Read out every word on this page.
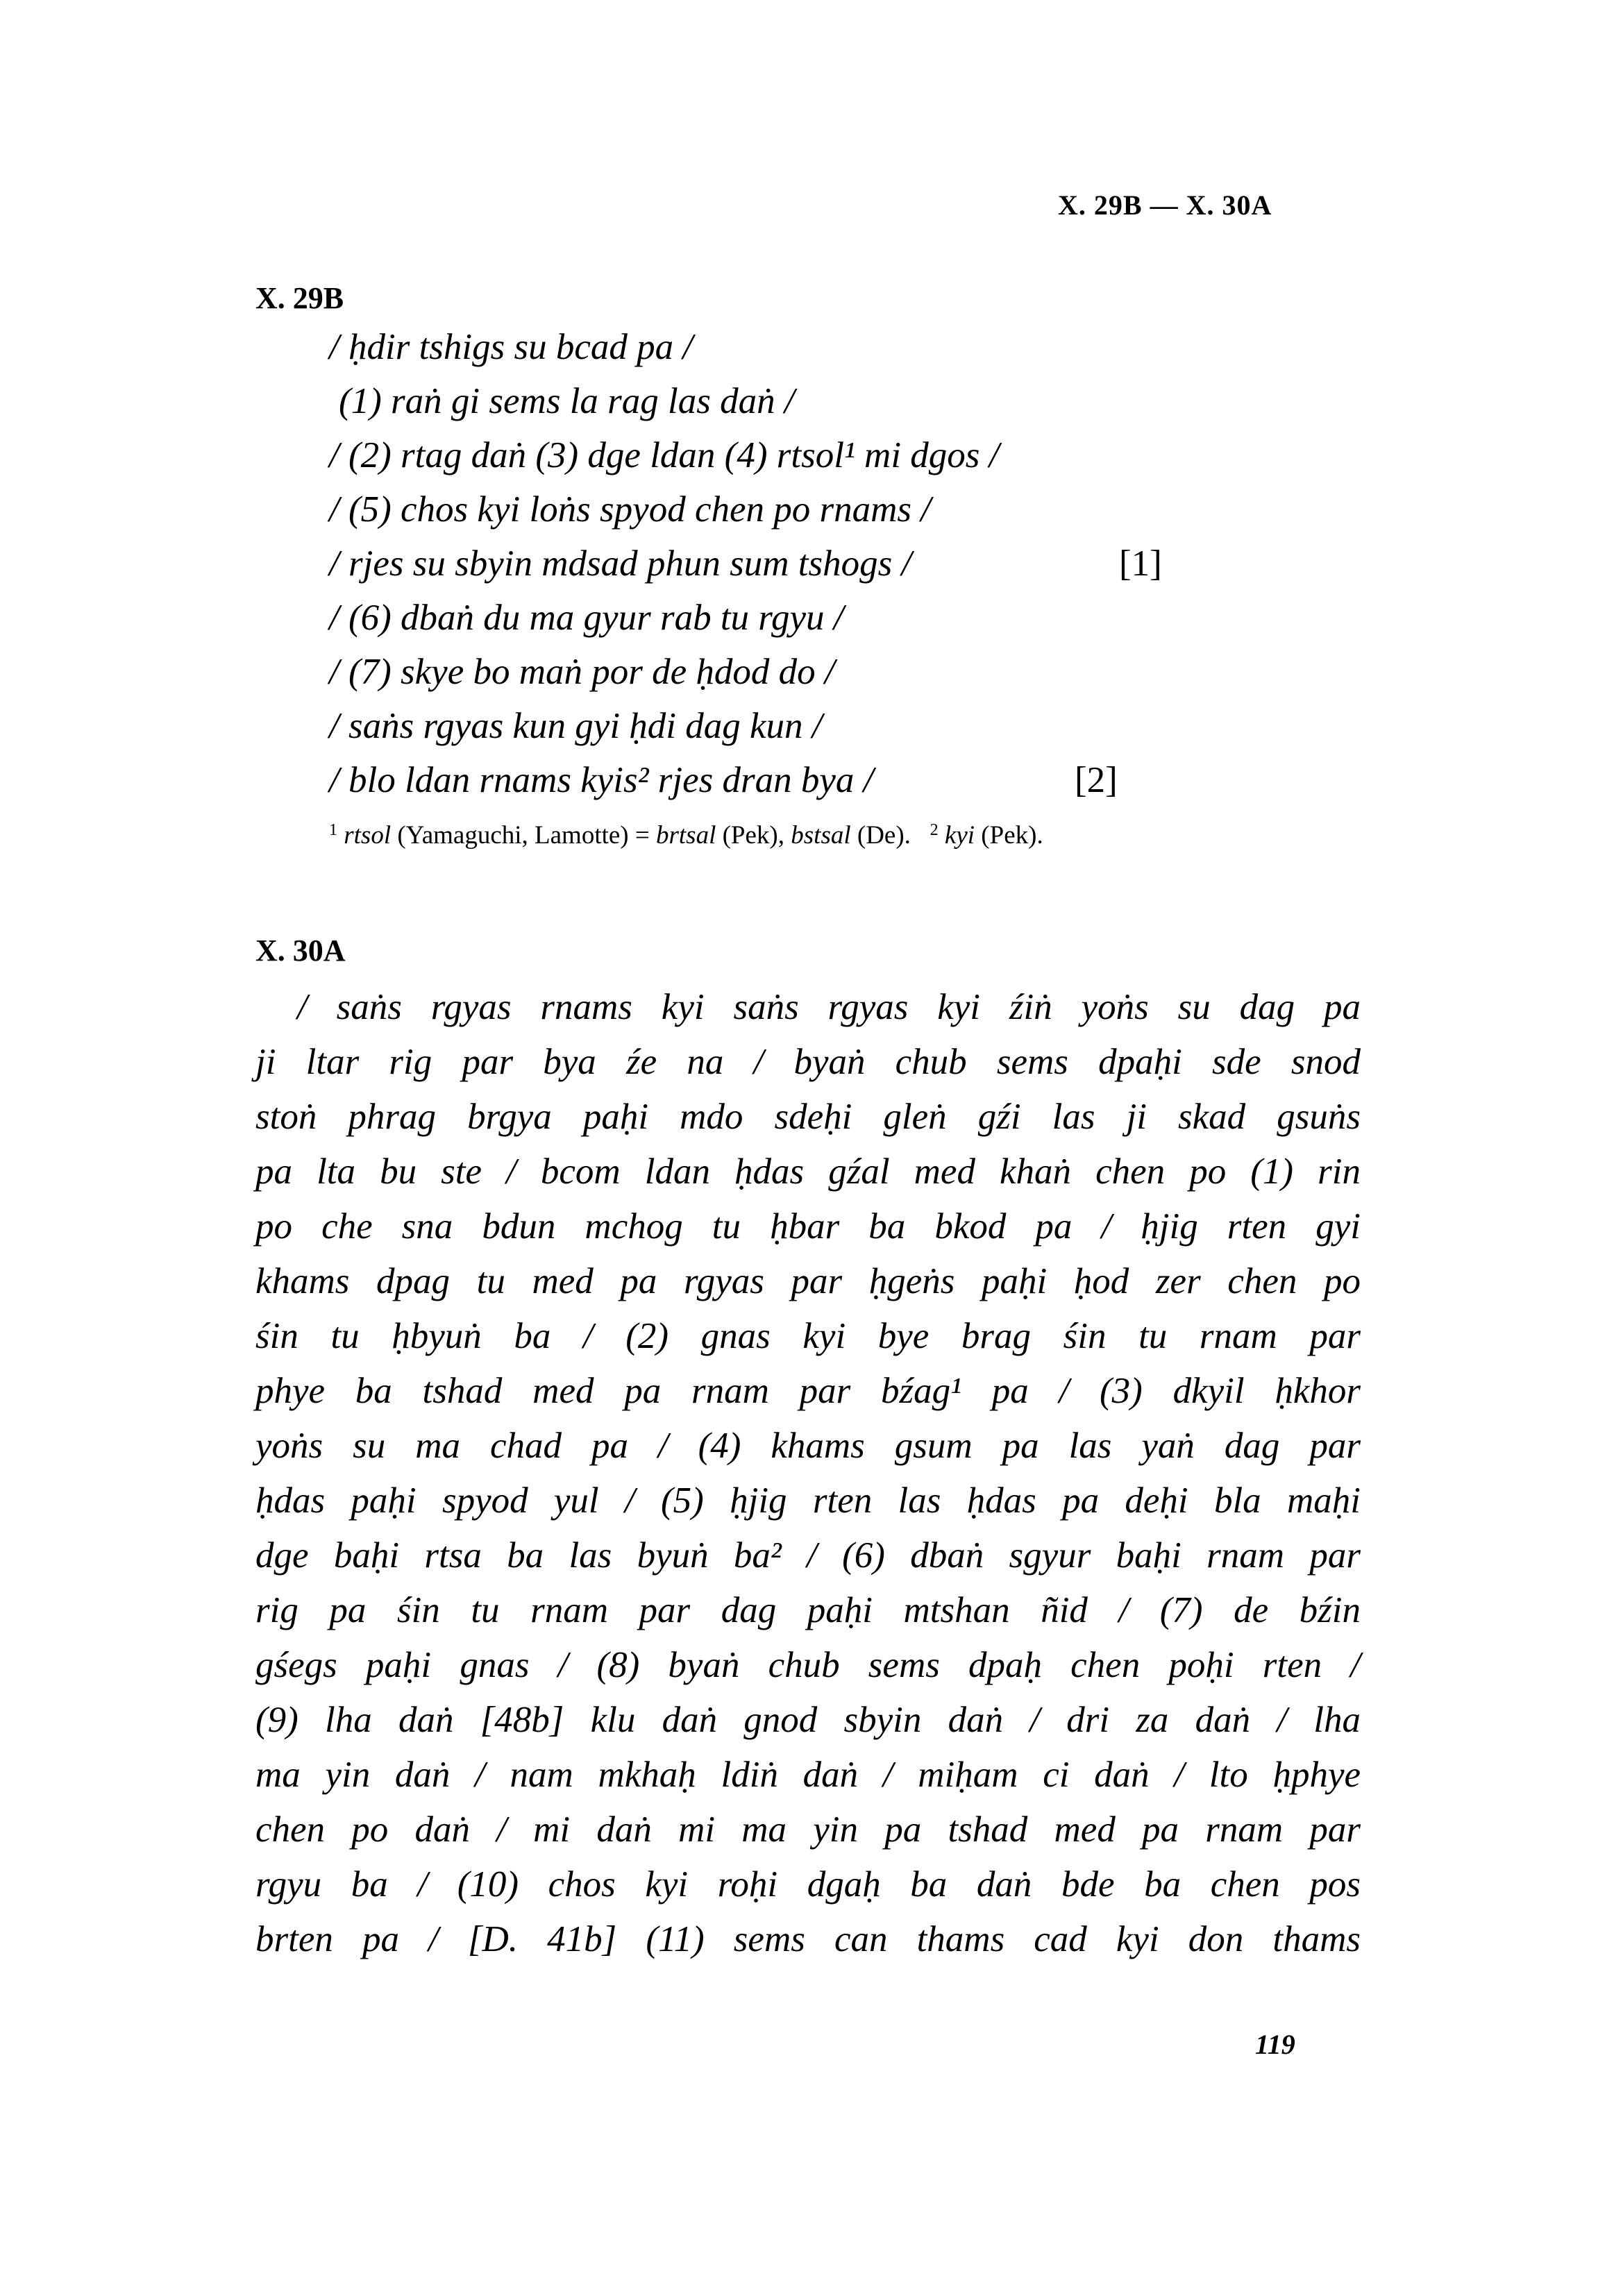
X. 29B — X. 30A
X. 29B
/ ḥdir tshigs su bcad pa /
(1) raṅ gi sems la rag las daṅ /
/ (2) rtag daṅ (3) dge ldan (4) rtsol¹ mi dgos /
/ (5) chos kyi loṅs spyod chen po rnams /
/ rjes su sbyin mdsad phun sum tshogs /	[1]
/ (6) dbaṅ du ma gyur rab tu rgyu /
/ (7) skye bo maṅ por de ḥdod do /
/ saṅs rgyas kun gyi ḥdi dag kun /
/ blo ldan rnams kyis² rjes dran bya /	[2]
$^1$ rtsol (Yamaguchi, Lamotte) = brtsal (Pek), bstsal (De). $^2$ kyi (Pek).
X. 30A
/ saṅs rgyas rnams kyi saṅs rgyas kyi źiṅ yoṅs su dag pa
ji ltar rig par bya źe na / byaṅ chub sems dpaḥi sde snod
stoṅ phrag brgya paḥi mdo sdeḥi gleṅ gźi las ji skad gsuṅs
pa lta bu ste / bcom ldan ḥdas gźal med khaṅ chen po (1) rin
po che sna bdun mchog tu ḥbar ba bkod pa / ḥjig rten gyi
khams dpag tu med pa rgyas par ḥgeṅs paḥi ḥod zer chen po
śin tu ḥbyuṅ ba / (2) gnas kyi bye brag śin tu rnam par
phye ba tshad med pa rnam par bźag¹ pa / (3) dkyil ḥkhor
yoṅs su ma chad pa / (4) khams gsum pa las yaṅ dag par
ḥdas paḥi spyod yul / (5) ḥjig rten las ḥdas pa deḥi bla maḥi
dge baḥi rtsa ba las byuṅ ba² / (6) dbaṅ sgyur baḥi rnam par
rig pa śin tu rnam par dag paḥi mtshan ñid / (7) de bźin
gśegs paḥi gnas / (8) byaṅ chub sems dpaḥ chen poḥi rten /
(9) lha daṅ [48b] klu daṅ gnod sbyin daṅ / dri za daṅ / lha
ma yin daṅ / nam mkhaḥ ldiṅ daṅ / miḥam ci daṅ / lto ḥphye
chen po daṅ / mi daṅ mi ma yin pa tshad med pa rnam par
rgyu ba / (10) chos kyi roḥi dgaḥ ba daṅ bde ba chen pos
brten pa / [D. 41b] (11) sems can thams cad kyi don thams
119
